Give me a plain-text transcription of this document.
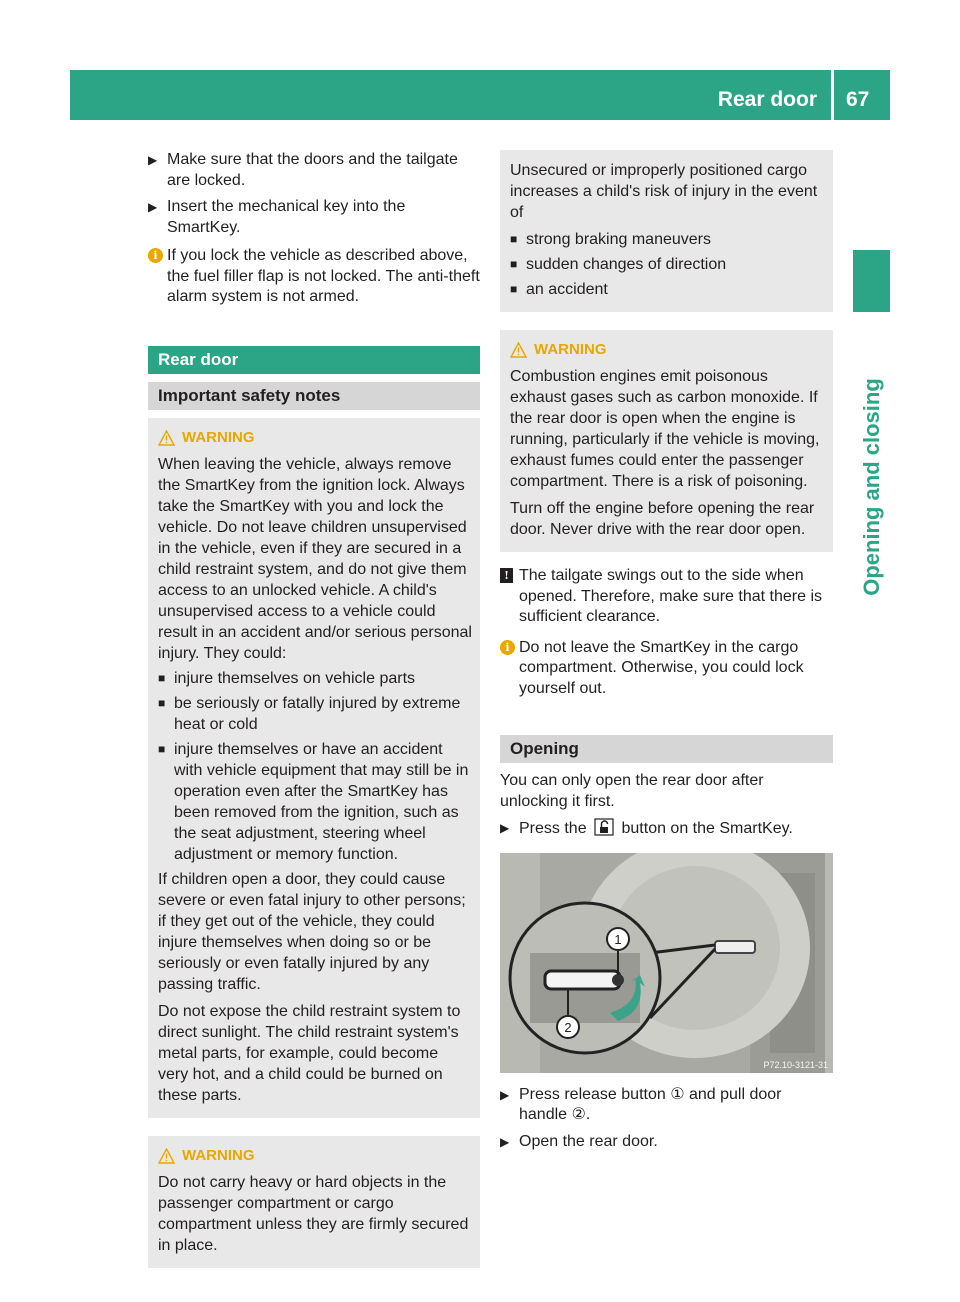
Rear door 67
Opening and closing

▶ Make sure that the doors and the tailgate are locked.

▶ Insert the mechanical key into the SmartKey.

i If you lock the vehicle as described above, the fuel filler flap is not locked. The anti-theft alarm system is not armed.

Rear door
Important safety notes
WARNING

When leaving the vehicle, always remove the SmartKey from the ignition lock. Always take the SmartKey with you and lock the vehicle. Do not leave children unsupervised in the vehicle, even if they are secured in a child restraint system, and do not give them access to an unlocked vehicle. A child's unsupervised access to a vehicle could result in an accident and/or serious personal injury. They could:

■ injure themselves on vehicle parts
■ be seriously or fatally injured by extreme heat or cold
■ injure themselves or have an accident with vehicle equipment that may still be in operation even after the SmartKey has been removed from the ignition, such as the seat adjustment, steering wheel adjustment or memory function.

If children open a door, they could cause severe or even fatal injury to other persons; if they get out of the vehicle, they could injure themselves when doing so or be seriously or even fatally injured by any passing traffic.

Do not expose the child restraint system to direct sunlight. The child restraint system's metal parts, for example, could become very hot, and a child could be burned on these parts.

WARNING

Do not carry heavy or hard objects in the passenger compartment or cargo compartment unless they are firmly secured in place.

Unsecured or improperly positioned cargo increases a child's risk of injury in the event of

■ strong braking maneuvers
■ sudden changes of direction
■ an accident
WARNING

Combustion engines emit poisonous exhaust gases such as carbon monoxide. If the rear door is open when the engine is running, particularly if the vehicle is moving, exhaust fumes could enter the passenger compartment. There is a risk of poisoning.

Turn off the engine before opening the rear door. Never drive with the rear door open.

! The tailgate swings out to the side when opened. Therefore, make sure that there is sufficient clearance.

i Do not leave the SmartKey in the cargo compartment. Otherwise, you could lock yourself out.

Opening

You can only open the rear door after unlocking it first.

▶ Press the button on the SmartKey.

1
2
P72.10-3121-31

▶ Press release button ① and pull door handle ②.

▶ Open the rear door.
